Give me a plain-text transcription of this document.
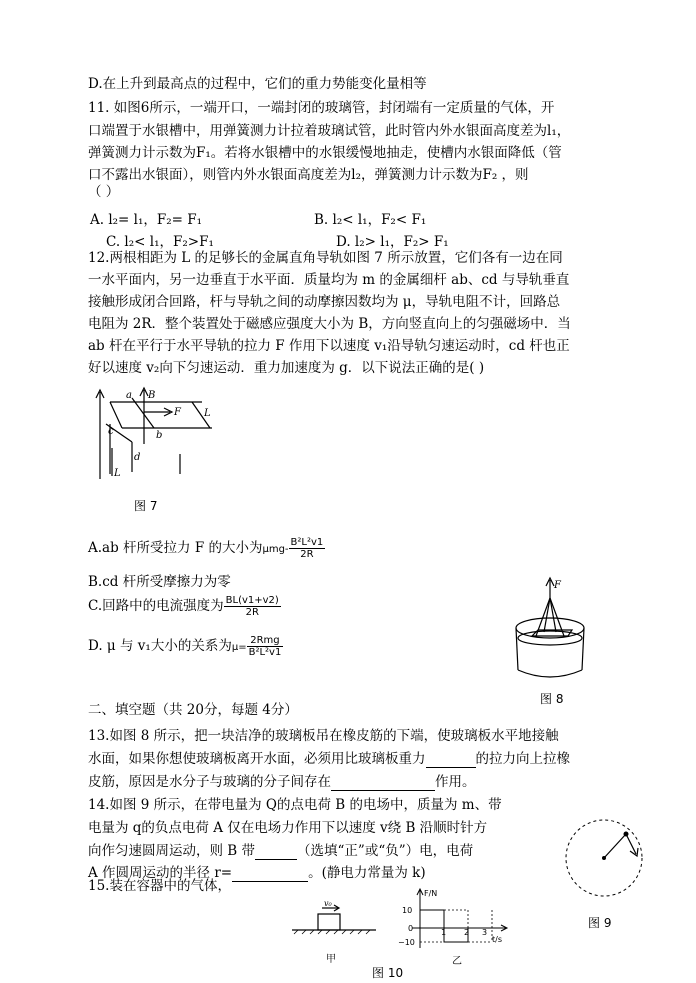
D.在上升到最高点的过程中，它们的重力势能变化量相等
11. 如图6所示，一端开口，一端封闭的玻璃管，封闭端有一定质量的气体，开
口端置于水银槽中，用弹簧测力计拉着玻璃试管，此时管内外水银面高度差为l₁，
弹簧测力计示数为F₁。若将水银槽中的水银缓慢地抽走，使槽内水银面降低（管
口不露出水银面），则管内外水银面高度差为l₂，弹簧测力计示数为F₂ ，则
（ ）
A. l₂= l₁，F₂= F₁	B. l₂< l₁，F₂< F₁
C. l₂< l₁，F₂>F₁	D. l₂> l₁，F₂> F₁
12.两根相距为 L 的足够长的金属直角导轨如图 7 所示放置，它们各有一边在同
一水平面内，另一边垂直于水平面．质量均为 m 的金属细杆 ab、cd 与导轨垂直
接触形成闭合回路，杆与导轨之间的动摩擦因数均为 μ，导轨电阻不计，回路总
电阻为 2R．整个装置处于磁感应强度大小为 B，方向竖直向上的匀强磁场中．当
ab 杆在平行于水平导轨的拉力 F 作用下以速度 v₁沿导轨匀速运动时，cd 杆也正
好以速度 v₂向下匀速运动．重力加速度为 g．以下说法正确的是( )
a B
F
b
c
d
L
L
图 7
A.ab 杆所受拉力 F 的大小为$\mu mg- \frac{\text{B²L²v1}}{2R}$
B.cd 杆所受摩擦力为零
C.回路中的电流强度为 $\frac{BL(v1+v2)}{2R}$
D. μ 与 v₁大小的关系为$\mu= \frac{\text{2Rmg}}{\text{B²L²v1}}$
F
图 8
二、填空题（共 20分，每题 4分）
13.如图 8 所示，把一块洁净的玻璃板吊在橡皮筋的下端，使玻璃板水平地接触
水面，如果你想使玻璃板离开水面，必须用比玻璃板重力	的拉力向上拉橡
皮筋，原因是水分子与玻璃的分子间存在	作用。
14.如图 9 所示，在带电量为 Q的点电荷 B 的电场中，质量为 m、带
电量为 q的负点电荷 A 仅在电场力作用下以速度 v绕 B 沿顺时针方
向作匀速圆周运动，则 B 带	（选填“正”或“负”）电，电荷
A 作圆周运动的半径 r=	。(静电力常量为 k)
图 9
15.装在容器中的气体，
v₀
甲
F/N
t/s
10
0
−10
1 2 3
乙
图 10
